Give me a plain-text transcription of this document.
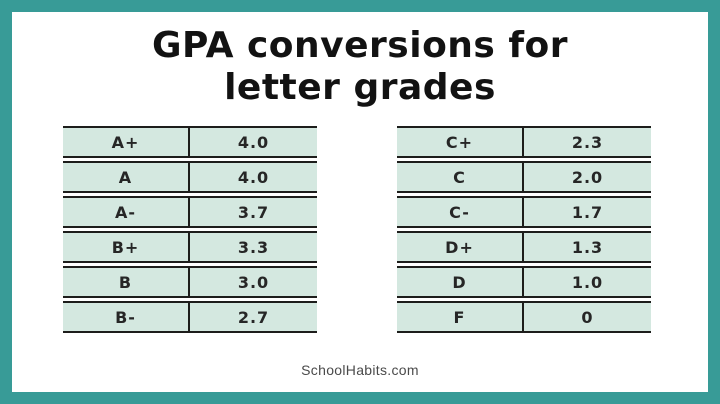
GPA conversions for
letter grades
A+	4.0
A	4.0
A-	3.7
B+	3.3
B	3.0
B-	2.7
C+	2.3
C	2.0
C-	1.7
D+	1.3
D	1.0
F	0
SchoolHabits.com
